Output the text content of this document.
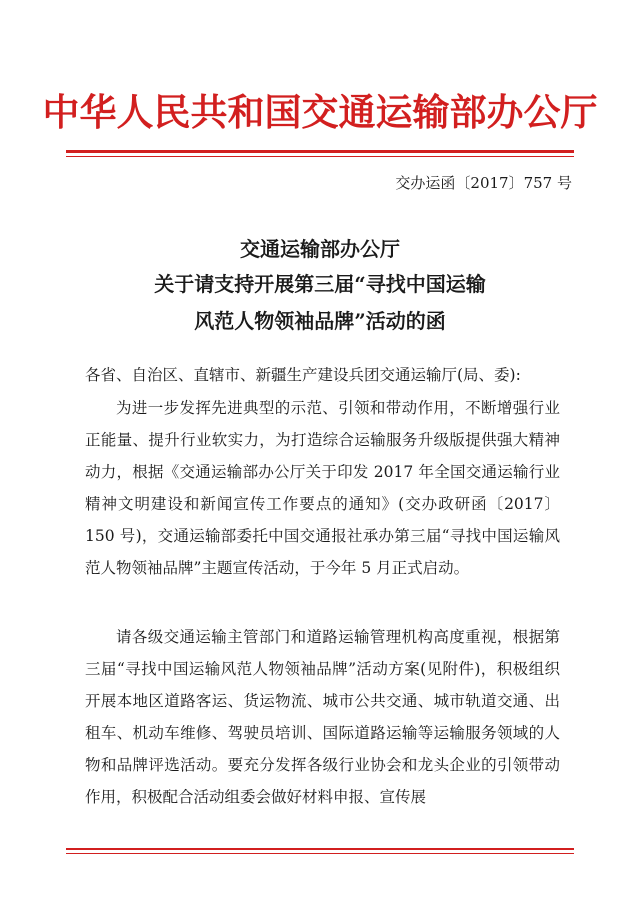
中华人民共和国交通运输部办公厅
交办运函〔2017〕757 号
交通运输部办公厅
关于请支持开展第三届“寻找中国运输
风范人物领袖品牌”活动的函
各省、自治区、直辖市、新疆生产建设兵团交通运输厅(局、委):
为进一步发挥先进典型的示范、引领和带动作用，不断增强行业正能量、提升行业软实力，为打造综合运输服务升级版提供强大精神动力，根据《交通运输部办公厅关于印发 2017 年全国交通运输行业精神文明建设和新闻宣传工作要点的通知》(交办政研函〔2017〕150 号)，交通运输部委托中国交通报社承办第三届“寻找中国运输风范人物领袖品牌”主题宣传活动，于今年 5 月正式启动。
请各级交通运输主管部门和道路运输管理机构高度重视，根据第三届“寻找中国运输风范人物领袖品牌”活动方案(见附件)，积极组织开展本地区道路客运、货运物流、城市公共交通、城市轨道交通、出租车、机动车维修、驾驶员培训、国际道路运输等运输服务领域的人物和品牌评选活动。要充分发挥各级行业协会和龙头企业的引领带动作用，积极配合活动组委会做好材料申报、宣传展
